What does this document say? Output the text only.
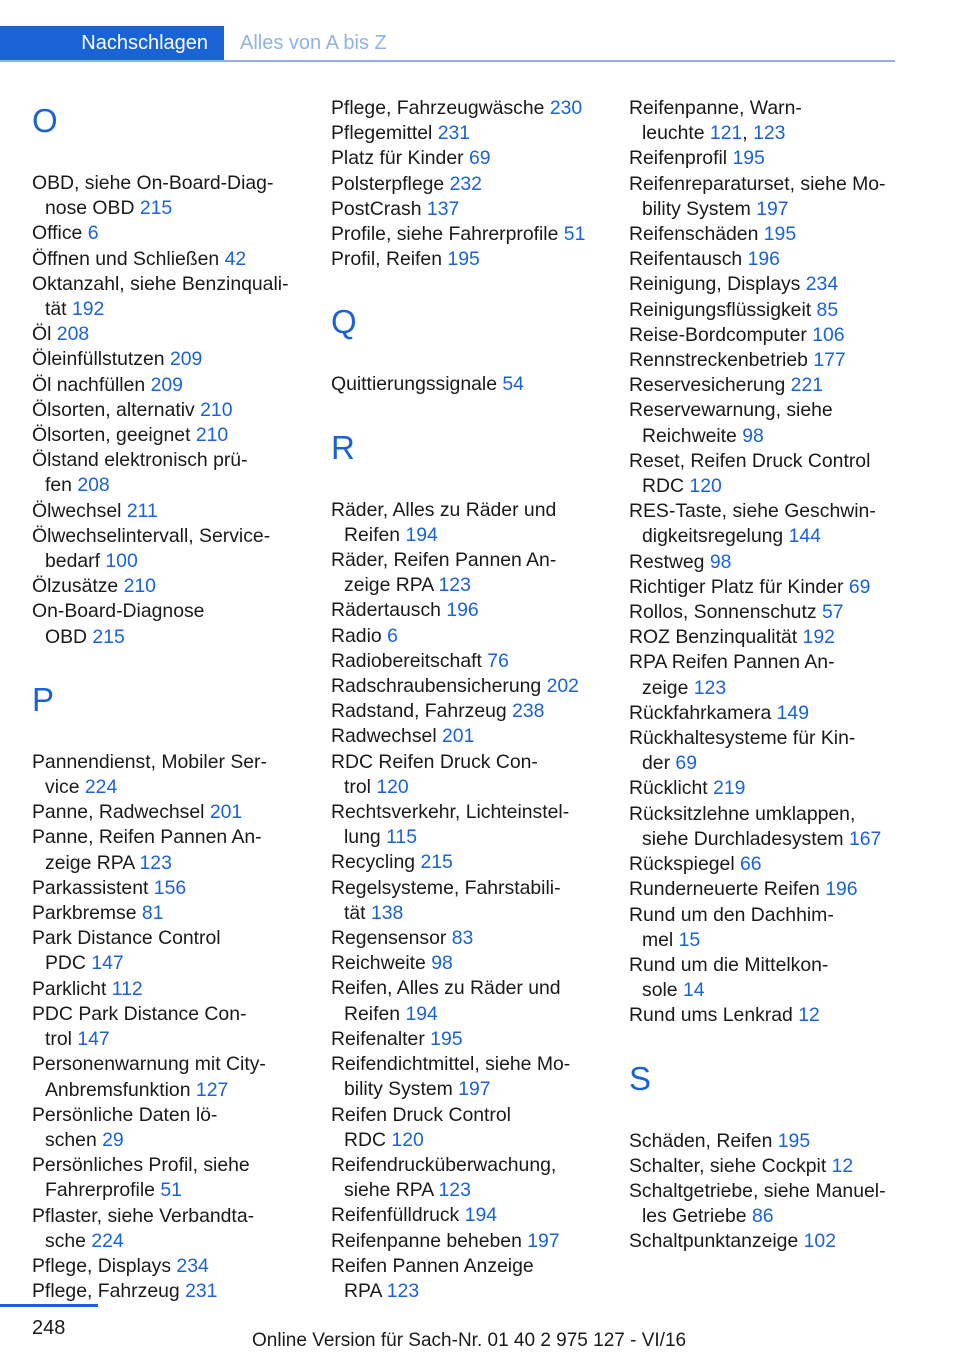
Nachschlagen Alles von A bis Z
O
OBD, siehe On-Board-Diag-
nose OBD 215
Office 6
Öffnen und Schließen 42
Oktanzahl, siehe Benzinquali-
tät 192
Öl 208
Öleinfüllstutzen 209
Öl nachfüllen 209
Ölsorten, alternativ 210
Ölsorten, geeignet 210
Ölstand elektronisch prü-
fen 208
Ölwechsel 211
Ölwechselintervall, Service-
bedarf 100
Ölzusätze 210
On-Board-Diagnose
OBD 215
P
Pannendienst, Mobiler Ser-
vice 224
Panne, Radwechsel 201
Panne, Reifen Pannen An-
zeige RPA 123
Parkassistent 156
Parkbremse 81
Park Distance Control
PDC 147
Parklicht 112
PDC Park Distance Con-
trol 147
Personenwarnung mit City-
Anbremsfunktion 127
Persönliche Daten lö-
schen 29
Persönliches Profil, siehe
Fahrerprofile 51
Pflaster, siehe Verbandta-
sche 224
Pflege, Displays 234
Pflege, Fahrzeug 231
Pflege, Fahrzeugwäsche 230
Pflegemittel 231
Platz für Kinder 69
Polsterpflege 232
PostCrash 137
Profile, siehe Fahrerprofile 51
Profil, Reifen 195
Q
Quittierungssignale 54
R
Räder, Alles zu Räder und
Reifen 194
Räder, Reifen Pannen An-
zeige RPA 123
Rädertausch 196
Radio 6
Radiobereitschaft 76
Radschraubensicherung 202
Radstand, Fahrzeug 238
Radwechsel 201
RDC Reifen Druck Con-
trol 120
Rechtsverkehr, Lichteinstel-
lung 115
Recycling 215
Regelsysteme, Fahrstabili-
tät 138
Regensensor 83
Reichweite 98
Reifen, Alles zu Räder und
Reifen 194
Reifenalter 195
Reifendichtmittel, siehe Mo-
bility System 197
Reifen Druck Control
RDC 120
Reifendrucküberwachung,
siehe RPA 123
Reifenfülldruck 194
Reifenpanne beheben 197
Reifen Pannen Anzeige
RPA 123
Reifenpanne, Warn-
leuchte 121, 123
Reifenprofil 195
Reifenreparaturset, siehe Mo-
bility System 197
Reifenschäden 195
Reifentausch 196
Reinigung, Displays 234
Reinigungsflüssigkeit 85
Reise-Bordcomputer 106
Rennstreckenbetrieb 177
Reservesicherung 221
Reservewarnung, siehe
Reichweite 98
Reset, Reifen Druck Control
RDC 120
RES-Taste, siehe Geschwin-
digkeitsregelung 144
Restweg 98
Richtiger Platz für Kinder 69
Rollos, Sonnenschutz 57
ROZ Benzinqualität 192
RPA Reifen Pannen An-
zeige 123
Rückfahrkamera 149
Rückhaltesysteme für Kin-
der 69
Rücklicht 219
Rücksitzlehne umklappen,
siehe Durchladesystem 167
Rückspiegel 66
Runderneuerte Reifen 196
Rund um den Dachhim-
mel 15
Rund um die Mittelkon-
sole 14
Rund ums Lenkrad 12
S
Schäden, Reifen 195
Schalter, siehe Cockpit 12
Schaltgetriebe, siehe Manuel-
les Getriebe 86
Schaltpunktanzeige 102
248
Online Version für Sach-Nr. 01 40 2 975 127 - VI/16
